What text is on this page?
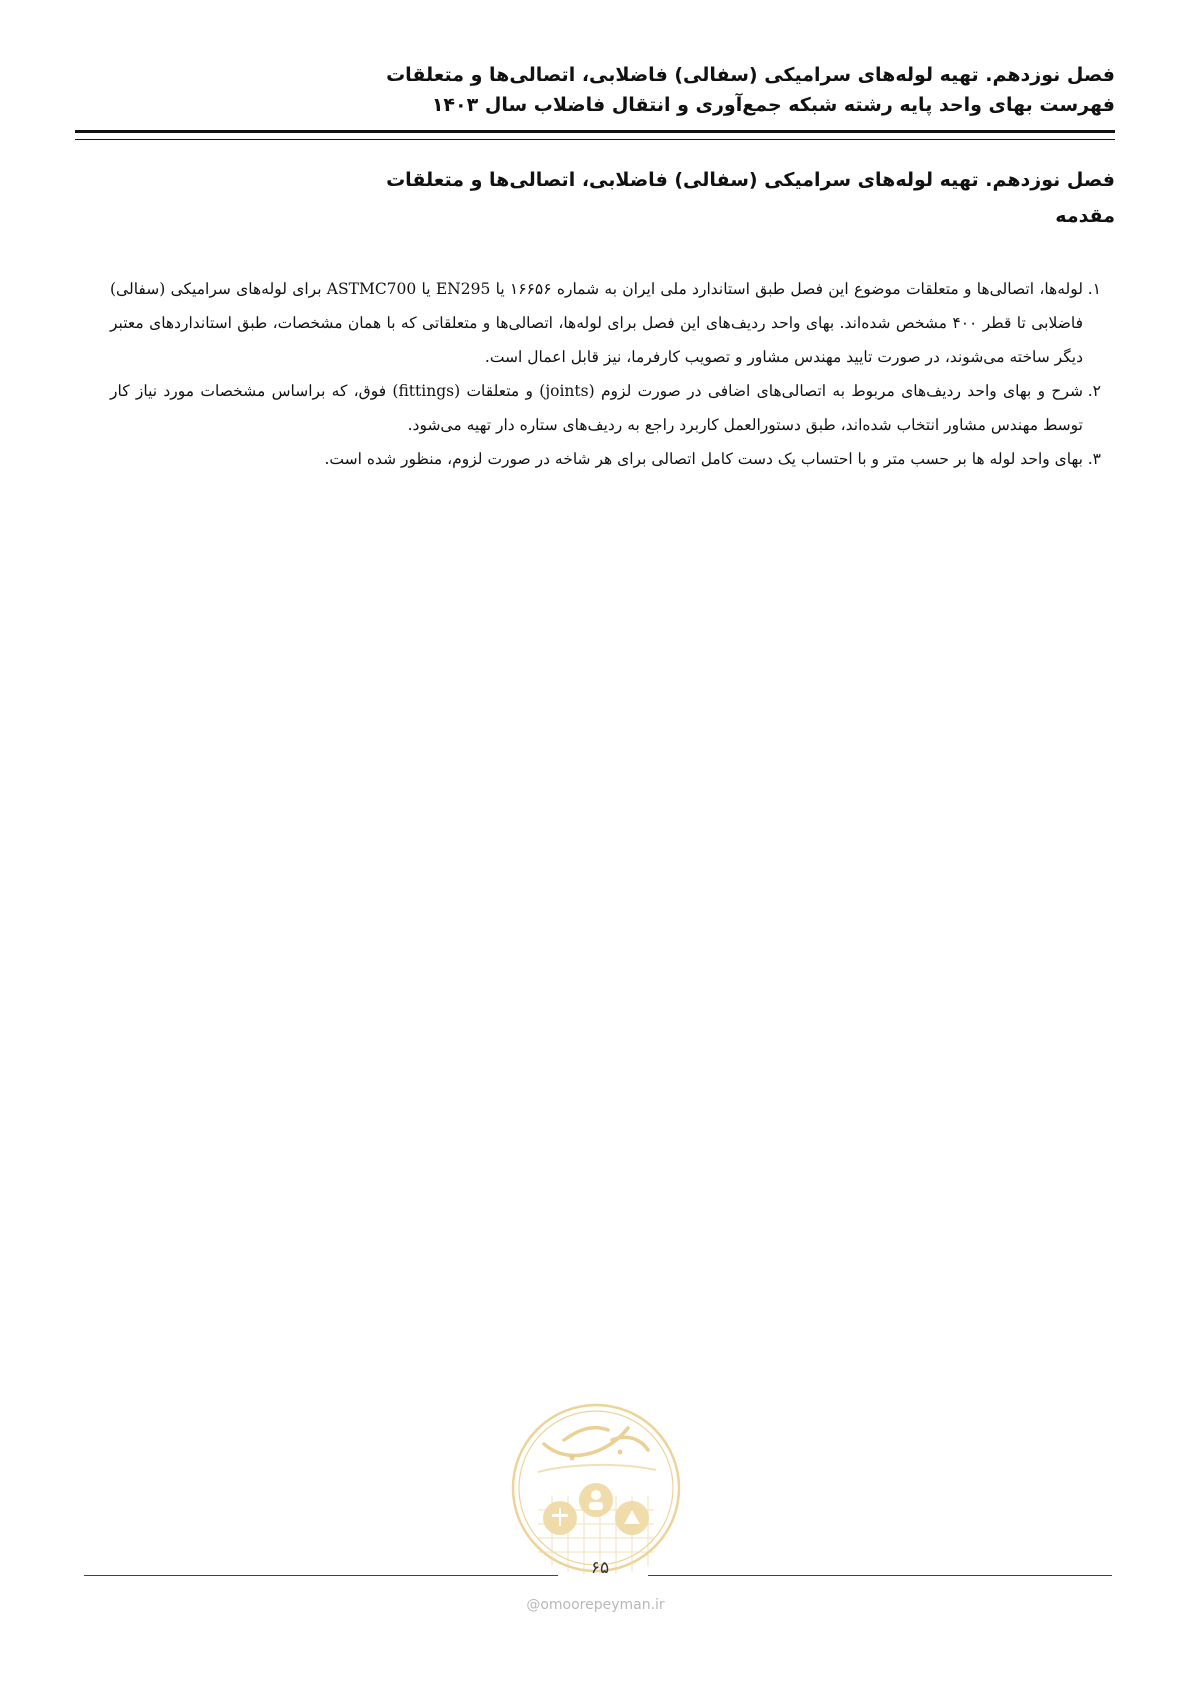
فصل نوزدهم. تهیه لوله‌های سرامیکی (سفالی) فاضلابی، اتصالی‌ها و متعلقات
فهرست بهای واحد پایه رشته شبکه جمع‌آوری و انتقال فاضلاب سال ۱۴۰۳
فصل نوزدهم. تهیه لوله‌های سرامیکی (سفالی) فاضلابی، اتصالی‌ها و متعلقات
مقدمه
۱.
لوله‌ها، اتصالی‌ها و متعلقات موضوع این فصل طبق استاندارد ملی ایران به شماره ۱۶۶۵۶ یا EN295 یا ASTMC700 برای لوله‌های سرامیکی (سفالی) فاضلابی تا قطر ۴۰۰ مشخص شده‌اند. بهای واحد ردیف‌های این فصل برای لوله‌ها، اتصالی‌ها و متعلقاتی که با همان مشخصات، طبق استانداردهای معتبر دیگر ساخته می‌شوند، در صورت تایید مهندس مشاور و تصویب کارفرما، نیز قابل اعمال است.
۲.
شرح و بهای واحد ردیف‌های مربوط به اتصالی‌های اضافی در صورت لزوم (joints) و متعلقات (fittings) فوق، که براساس مشخصات مورد نیاز کار توسط مهندس مشاور انتخاب شده‌اند، طبق دستورالعمل کاربرد راجع به ردیف‌های ستاره دار تهیه می‌شود.
۳.
بهای واحد لوله ها بر حسب متر و با احتساب یک دست کامل اتصالی برای هر شاخه در صورت لزوم، منظور شده است.
۶۵
@omoorepeyman.ir
